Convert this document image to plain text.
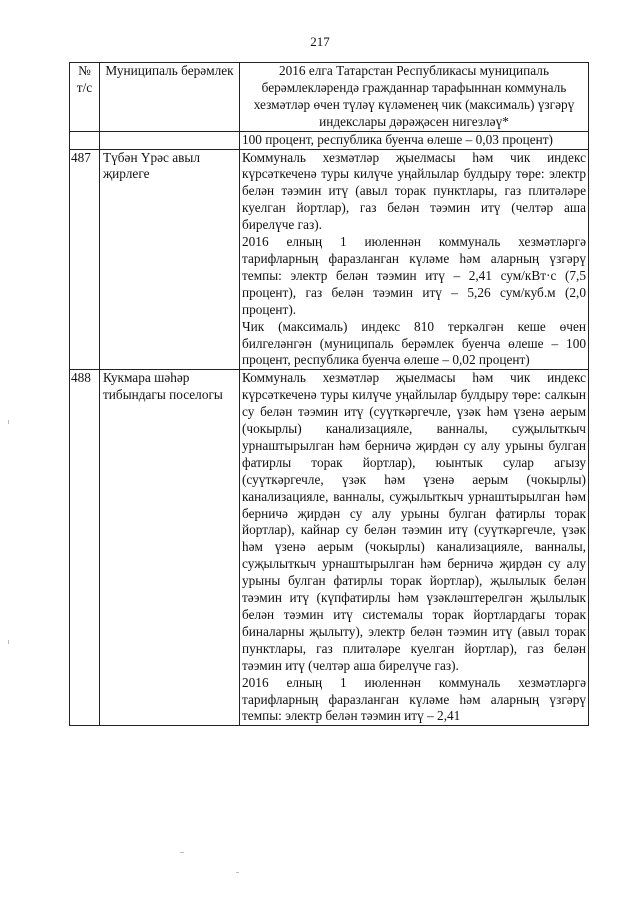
217
№ т/с	Муниципаль берәмлек	2016 елга Татарстан Республикасы муниципаль берәмлекләрендә гражданнар тарафыннан коммуналь хезмәтләр өчен түләү күләменең чик (максималь) үзгәрү индекслары дәрәҗәсен нигезләү*

		100 процент, республика буенча өлеше – 0,03 процент)

487	Түбән Үрәс авыл җирлеге	Коммуналь хезмәтләр җыелмасы һәм чик индекс күрсәткеченә туры килүче уңайлылар булдыру төре: электр белән тәэмин итү (авыл торак пунктлары, газ плитәләре куелган йортлар), газ белән тәэмин итү (челтәр аша бирелүче газ).

2016 елның 1 июленнән коммуналь хезмәтләргә тарифларның фаразланган күләме һәм аларның үзгәрү темпы: электр белән тәэмин итү – 2,41 сум/кВт·с (7,5 процент), газ белән тәэмин итү – 5,26 сум/куб.м (2,0 процент).

Чик (максималь) индекс 810 теркәлгән кеше өчен билгеләнгән (муниципаль берәмлек буенча өлеше – 100 процент, республика буенча өлеше – 0,02 процент)

488	Кукмара шәһәр тибындагы поселогы	Коммуналь хезмәтләр җыелмасы һәм чик индекс күрсәткеченә туры килүче уңайлылар булдыру төре: салкын су белән тәэмин итү (суүткәргечле, үзәк һәм үзенә аерым (чокырлы) канализацияле, ванналы, суҗылыткыч урнаштырылган һәм берничә җирдән су алу урыны булган фатирлы торак йортлар), юынтык сулар агызу (суүткәргечле, үзәк һәм үзенә аерым (чокырлы) канализацияле, ванналы, суҗылыткыч урнаштырылган һәм берничә җирдән су алу урыны булган фатирлы торак йортлар), кайнар су белән тәэмин итү (суүткәргечле, үзәк һәм үзенә аерым (чокырлы) канализацияле, ванналы, суҗылыткыч урнаштырылган һәм берничә җирдән су алу урыны булган фатирлы торак йортлар), җылылык белән тәэмин итү (күпфатирлы һәм үзәкләштерелгән җылылык белән тәэмин итү системалы торак йортлардагы торак биналарны җылыту), электр белән тәэмин итү (авыл торак пунктлары, газ плитәләре куелган йортлар), газ белән тәэмин итү (челтәр аша бирелүче газ).

2016 елның 1 июленнән коммуналь хезмәтләргә тарифларның фаразланган күләме һәм аларның үзгәрү темпы: электр белән тәэмин итү – 2,41
